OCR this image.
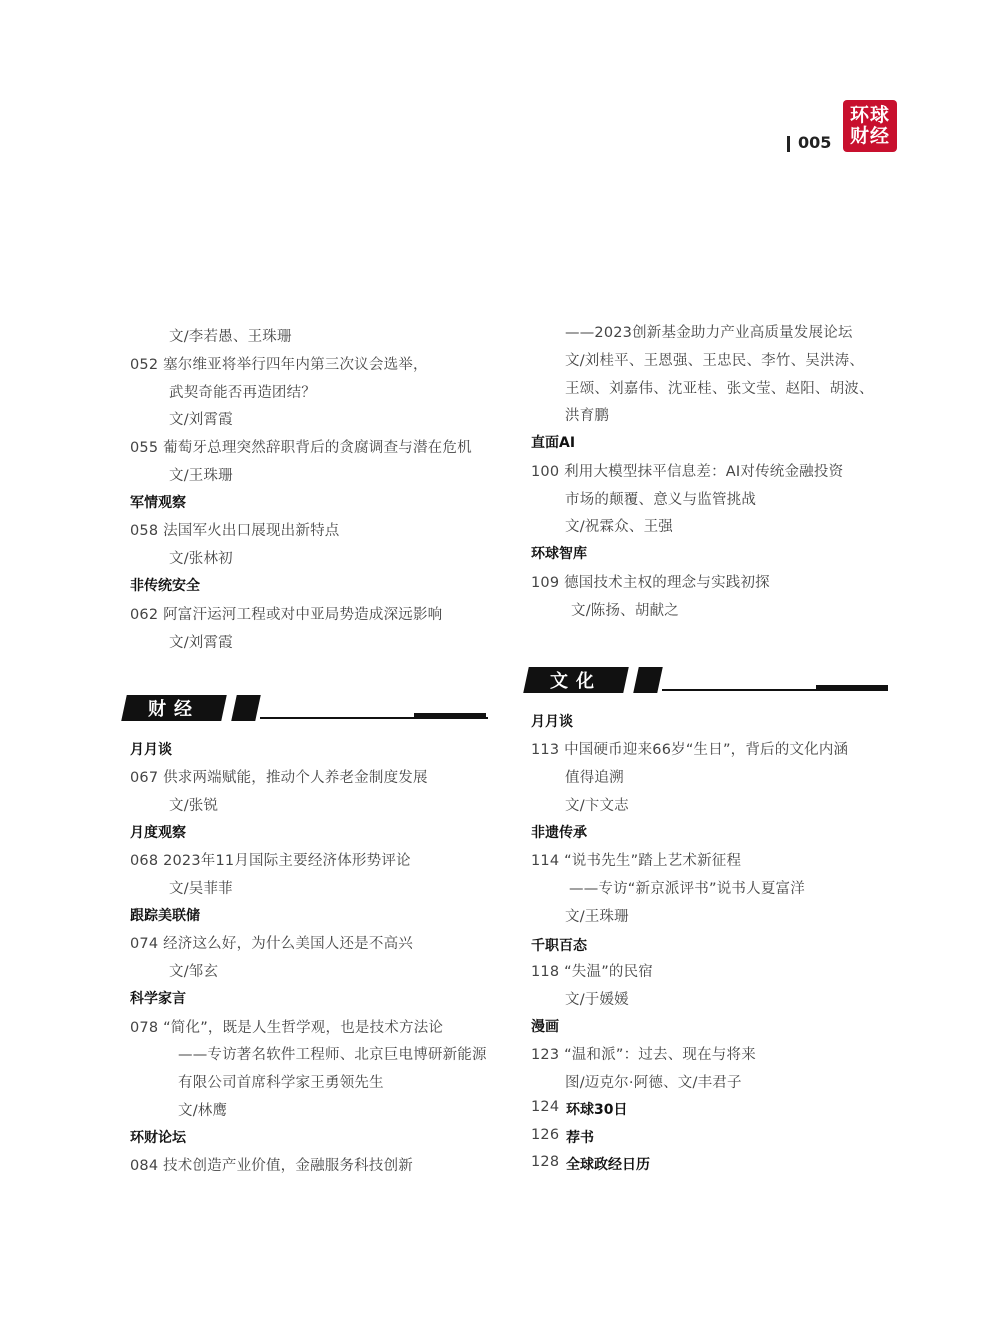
005
环球
财经
文/李若愚、王珠珊
052 塞尔维亚将举行四年内第三次议会选举，
武契奇能否再造团结？
文/刘霄霞
055 葡萄牙总理突然辞职背后的贪腐调查与潜在危机
文/王珠珊
军情观察
058 法国军火出口展现出新特点
文/张林初
非传统安全
062 阿富汗运河工程或对中亚局势造成深远影响
文/刘霄霞
财经
月月谈
067 供求两端赋能，推动个人养老金制度发展
文/张锐
月度观察
068 2023年11月国际主要经济体形势评论
文/吴菲菲
跟踪美联储
074 经济这么好，为什么美国人还是不高兴
文/邹玄
科学家言
078 “简化”，既是人生哲学观，也是技术方法论
——专访著名软件工程师、北京巨电博研新能源
有限公司首席科学家王勇领先生
文/林鹰
环财论坛
084 技术创造产业价值，金融服务科技创新
——2023创新基金助力产业高质量发展论坛
文/刘桂平、王恩强、王忠民、李竹、吴洪涛、
王颂、刘嘉伟、沈亚桂、张文莹、赵阳、胡波、
洪育鹏
直面AI
100 利用大模型抹平信息差：AI对传统金融投资
市场的颠覆、意义与监管挑战
文/祝霖众、王强
环球智库
109 德国技术主权的理念与实践初探
文/陈扬、胡献之
文化
月月谈
113 中国硬币迎来66岁“生日”，背后的文化内涵
值得追溯
文/卞文志
非遗传承
114 “说书先生”踏上艺术新征程
——专访“新京派评书”说书人夏富洋
文/王珠珊
千职百态
118 “失温”的民宿
文/于媛媛
漫画
123 “温和派”：过去、现在与将来
图/迈克尔·阿德、文/丰君子
124 环球30日
126 荐书
128 全球政经日历
